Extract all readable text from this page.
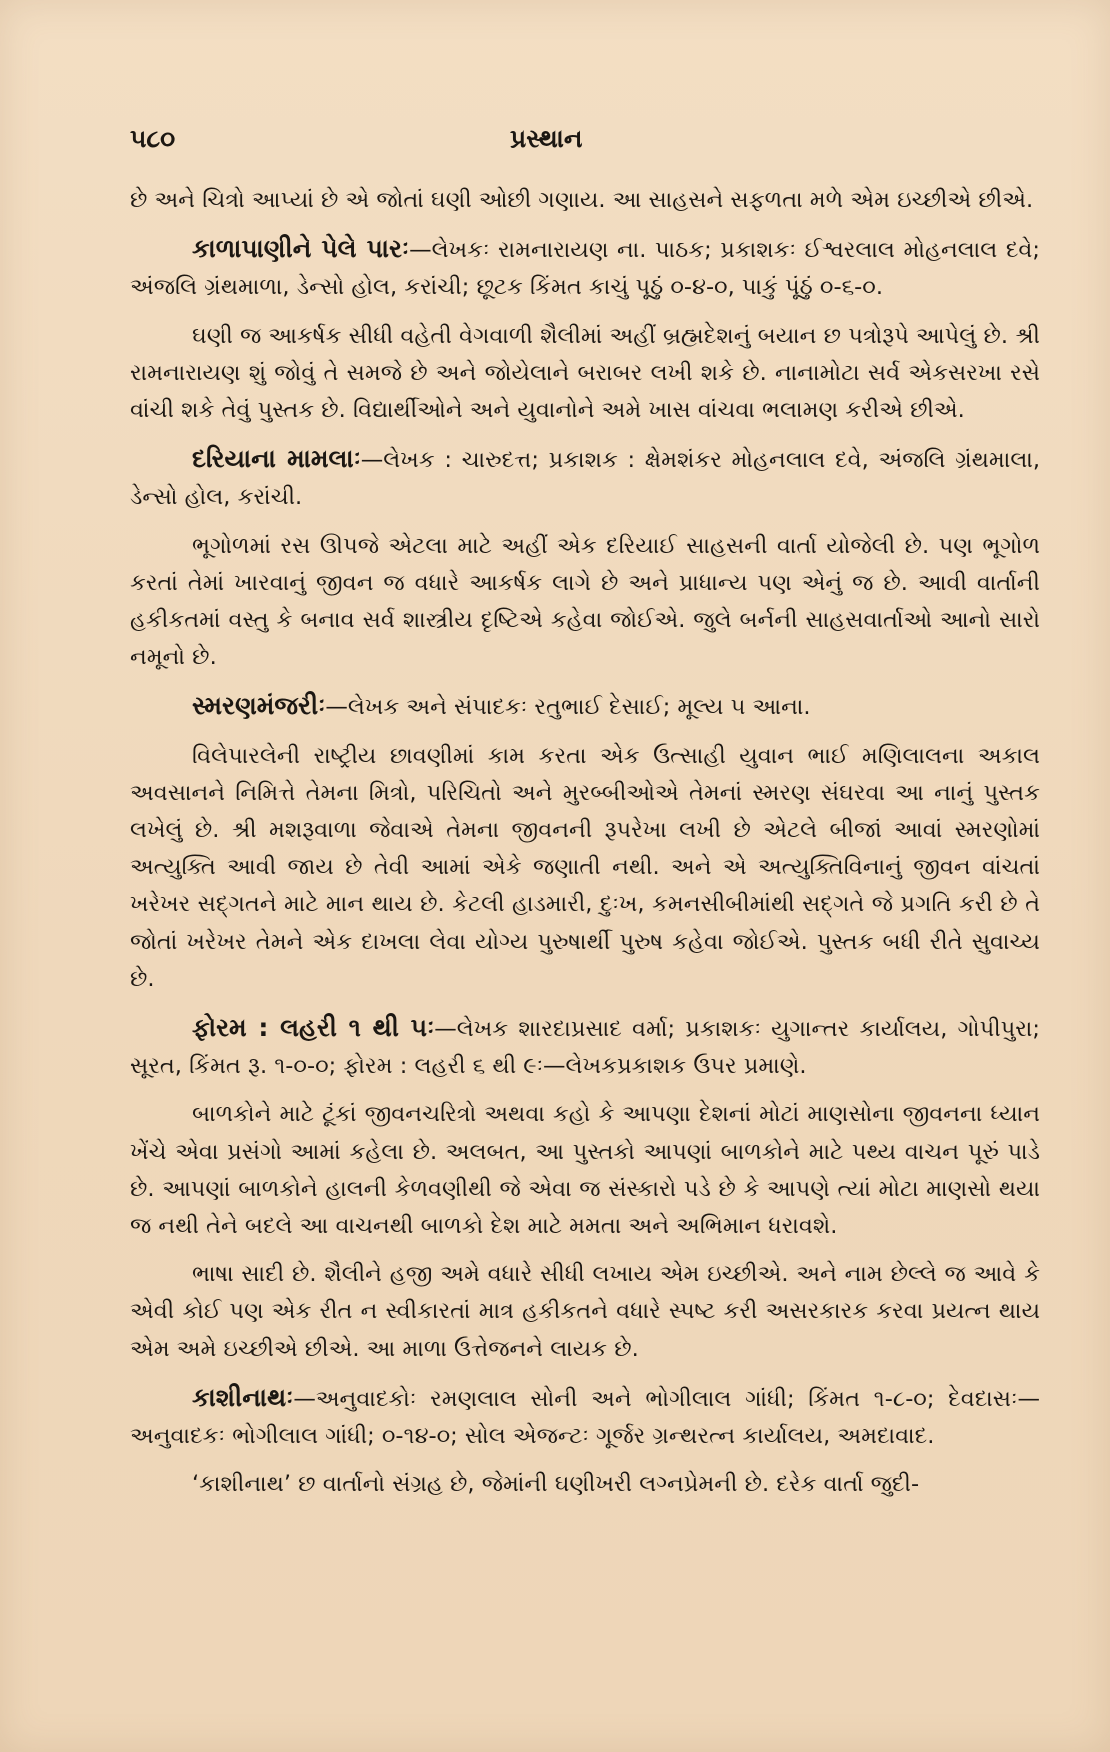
૫૮૦	પ્રસ્થાન

છે અને ચિત્રો આપ્યાં છે એ જોતાં ઘણી ઓછી ગણાય. આ સાહસને સફળતા મળે એમ ઇચ્છીએ છીએ.

કાળાપાણીને પેલે પારઃ—લેખકઃ રામનારાયણ ના. પાઠક; પ્રકાશકઃ ઈશ્વરલાલ મોહનલાલ દવે; અંજલિ ગ્રંથમાળા, ડેન્સો હોલ, કરાંચી; છૂટક કિંમત કાચું પૂઠું ૦-૪-૦, પાકું પૂંઠું ૦-૬-૦.

ઘણી જ આકર્ષક સીધી વહેતી વેગવાળી શૈલીમાં અહીં બ્રહ્મદેશનું બયાન છ પત્રોરૂપે આપેલું છે. શ્રી રામનારાયણ શું જોવું તે સમજે છે અને જોયેલાને બરાબર લખી શકે છે. નાનામોટા સર્વ એકસરખા રસે વાંચી શકે તેવું પુસ્તક છે. વિદ્યાર્થીઓને અને યુવાનોને અમે ખાસ વાંચવા ભલામણ કરીએ છીએ.

દરિયાના મામલાઃ—લેખક : ચારુદત્ત; પ્રકાશક : ક્ષેમશંકર મોહનલાલ દવે, અંજલિ ગ્રંથમાલા, ડેન્સો હોલ, કરાંચી.

ભૂગોળમાં રસ ઊપજે એટલા માટે અહીં એક દરિયાઈ સાહસની વાર્તા યોજેલી છે. પણ ભૂગોળ કરતાં તેમાં ખારવાનું જીવન જ વધારે આકર્ષક લાગે છે અને પ્રાધાન્ય પણ એનું જ છે. આવી વાર્તાની હકીકતમાં વસ્તુ કે બનાવ સર્વ શાસ્ત્રીય દૃષ્ટિએ કહેવા જોઈએ. જુલે બર્નની સાહસવાર્તાઓ આનો સારો નમૂનો છે.

સ્મરણમંજરીઃ—લેખક અને સંપાદકઃ રતુભાઈ દેસાઈ; મૂલ્ય ૫ આના.

વિલેપારલેની રાષ્ટ્રીય છાવણીમાં કામ કરતા એક ઉત્સાહી યુવાન ભાઈ મણિલાલના અકાલ અવસાનને નિમિત્તે તેમના મિત્રો, પરિચિતો અને મુરબ્બીઓએ તેમનાં સ્મરણ સંઘરવા આ નાનું પુસ્તક લખેલું છે. શ્રી મશરૂવાળા જેવાએ તેમના જીવનની રૂપરેખા લખી છે એટલે બીજાં આવાં સ્મરણોમાં અત્યુક્તિ આવી જાય છે તેવી આમાં એકે જણાતી નથી. અને એ અત્યુક્તિવિનાનું જીવન વાંચતાં ખરેખર સદ્ગતને માટે માન થાય છે. કેટલી હાડમારી, દુઃખ, કમનસીબીમાંથી સદ્ગતે જે પ્રગતિ કરી છે તે જોતાં ખરેખર તેમને એક દાખલા લેવા યોગ્ય પુરુષાર્થી પુરુષ કહેવા જોઈએ. પુસ્તક બધી રીતે સુવાચ્ય છે.

ફોરમ : લહરી ૧ થી ૫ઃ—લેખક શારદાપ્રસાદ વર્મા; પ્રકાશકઃ યુગાન્તર કાર્યાલય, ગોપીપુરા; સૂરત, કિંમત રૂ. ૧-૦-૦; ફોરમ : લહરી ૬ થી ૯ઃ—લેખકપ્રકાશક ઉપર પ્રમાણે.

બાળકોને માટે ટૂંકાં જીવનચરિત્રો અથવા કહો કે આપણા દેશનાં મોટાં માણસોના જીવનના ધ્યાન ખેંચે એવા પ્રસંગો આમાં કહેલા છે. અલબત, આ પુસ્તકો આપણાં બાળકોને માટે પથ્ય વાચન પૂરું પાડે છે. આપણાં બાળકોને હાલની કેળવણીથી જે એવા જ સંસ્કારો પડે છે કે આપણે ત્યાં મોટા માણસો થયા જ નથી તેને બદલે આ વાચનથી બાળકો દેશ માટે મમતા અને અભિમાન ધરાવશે.

ભાષા સાદી છે. શૈલીને હજી અમે વધારે સીધી લખાય એમ ઇચ્છીએ. અને નામ છેલ્લે જ આવે કે એવી કોઈ પણ એક રીત ન સ્વીકારતાં માત્ર હકીકતને વધારે સ્પષ્ટ કરી અસરકારક કરવા પ્રયત્ન થાય એમ અમે ઇચ્છીએ છીએ. આ માળા ઉત્તેજનને લાયક છે.

કાશીનાથઃ—અનુવાદકોઃ રમણલાલ સોની અને ભોગીલાલ ગાંધી; કિંમત ૧-૮-૦; દેવદાસઃ—અનુવાદકઃ ભોગીલાલ ગાંધી; ૦-૧૪-૦; સોલ એજન્ટઃ ગૂર્જર ગ્રન્થરત્ન કાર્યાલય, અમદાવાદ.

‘કાશીનાથ’ છ વાર્તાનો સંગ્રહ છે, જેમાંની ઘણીખરી લગ્નપ્રેમની છે. દરેક વાર્તા જુદી-
